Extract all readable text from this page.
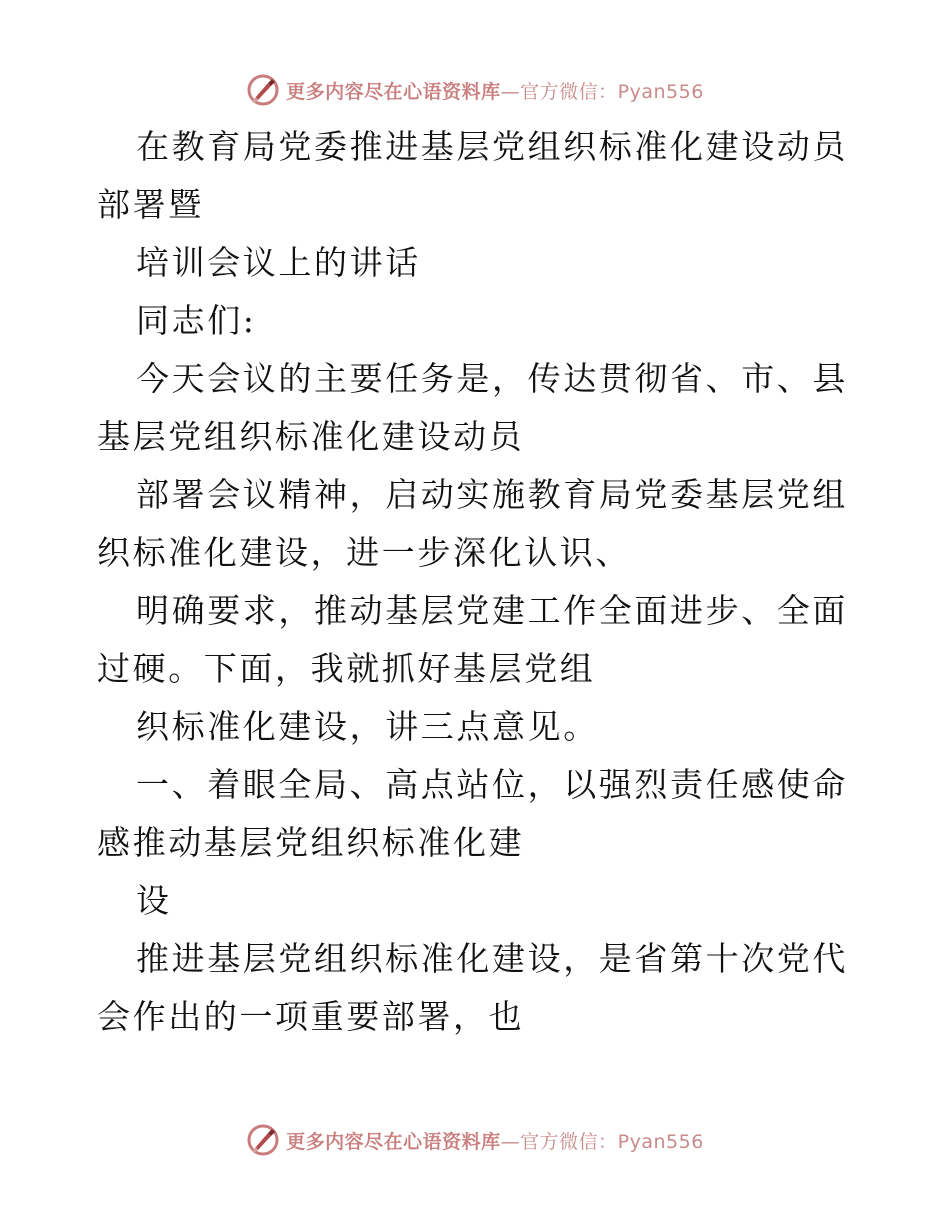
更多内容尽在心语资料库—官方微信：Pyan556

在教育局党委推进基层党组织标准化建设动员部署暨

培训会议上的讲话

同志们:

今天会议的主要任务是，传达贯彻省、市、县基层党组织标准化建设动员

部署会议精神，启动实施教育局党委基层党组织标准化建设，进一步深化认识、

明确要求，推动基层党建工作全面进步、全面过硬。下面，我就抓好基层党组

织标准化建设，讲三点意见。

一、着眼全局、高点站位，以强烈责任感使命感推动基层党组织标准化建

设

推进基层党组织标准化建设，是省第十次党代会作出的一项重要部署，也

更多内容尽在心语资料库—官方微信：Pyan556
